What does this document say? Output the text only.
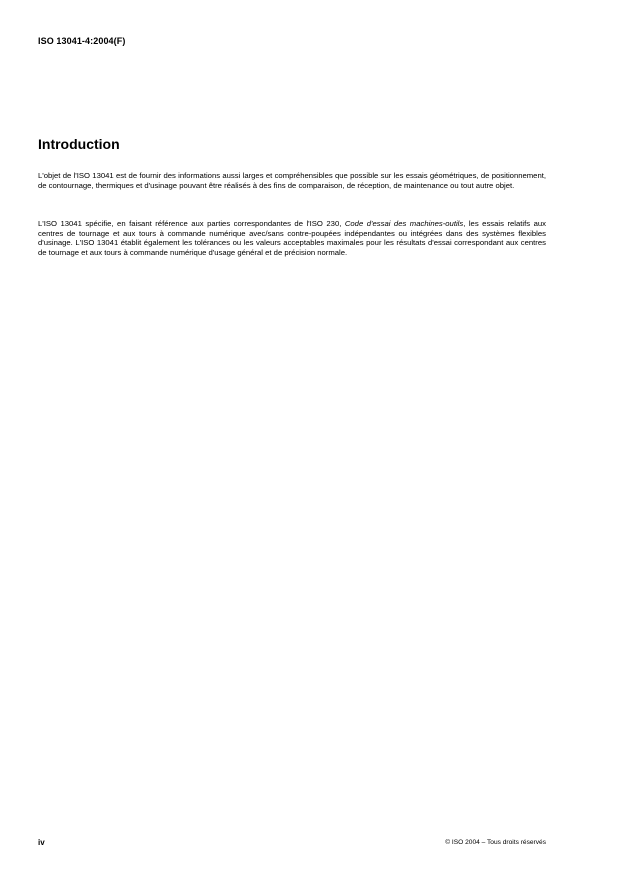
ISO 13041-4:2004(F)
Introduction

L'objet de l'ISO 13041 est de fournir des informations aussi larges et compréhensibles que possible sur les essais géométriques, de positionnement, de contournage, thermiques et d'usinage pouvant être réalisés à des fins de comparaison, de réception, de maintenance ou tout autre objet.

L'ISO 13041 spécifie, en faisant référence aux parties correspondantes de l'ISO 230, Code d'essai des machines-outils, les essais relatifs aux centres de tournage et aux tours à commande numérique avec/sans contre-poupées indépendantes ou intégrées dans des systèmes flexibles d'usinage. L'ISO 13041 établit également les tolérances ou les valeurs acceptables maximales pour les résultats d'essai correspondant aux centres de tournage et aux tours à commande numérique d'usage général et de précision normale.

iv	© ISO 2004 – Tous droits réservés
